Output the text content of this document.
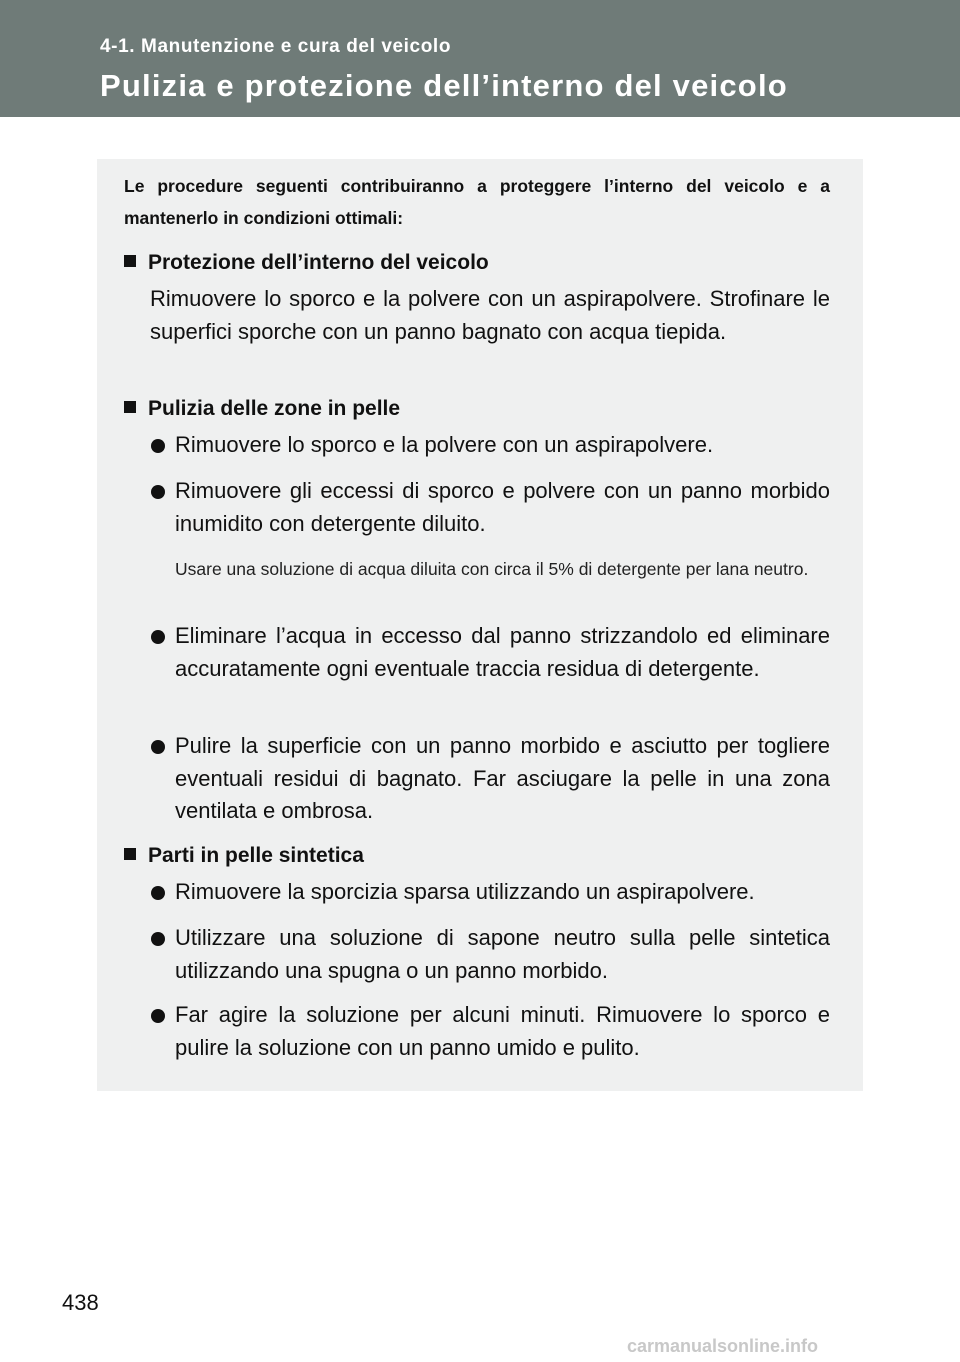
4-1. Manutenzione e cura del veicolo
Pulizia e protezione dell’interno del veicolo
Le procedure seguenti contribuiranno a proteggere l’interno del veicolo e a mantenerlo in condizioni ottimali:
Protezione dell’interno del veicolo
Rimuovere lo sporco e la polvere con un aspirapolvere. Strofinare le superfici sporche con un panno bagnato con acqua tiepida.
Pulizia delle zone in pelle
Rimuovere lo sporco e la polvere con un aspirapolvere.
Rimuovere gli eccessi di sporco e polvere con un panno morbido inumidito con detergente diluito.
Usare una soluzione di acqua diluita con circa il 5% di detergente per lana neutro.
Eliminare l’acqua in eccesso dal panno strizzandolo ed eliminare accuratamente ogni eventuale traccia residua di detergente.
Pulire la superficie con un panno morbido e asciutto per togliere eventuali residui di bagnato. Far asciugare la pelle in una zona ventilata e ombrosa.
Parti in pelle sintetica
Rimuovere la sporcizia sparsa utilizzando un aspirapolvere.
Utilizzare una soluzione di sapone neutro sulla pelle sintetica utilizzando una spugna o un panno morbido.
Far agire la soluzione per alcuni minuti. Rimuovere lo sporco e pulire la soluzione con un panno umido e pulito.
438
carmanualsonline.info
